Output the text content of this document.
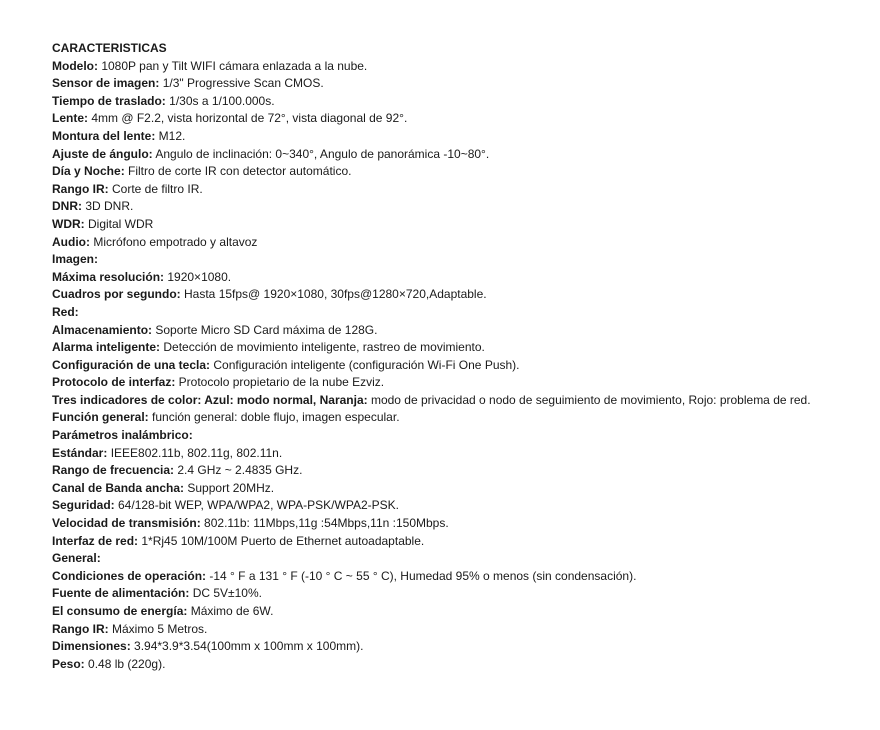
CARACTERISTICAS
Modelo: 1080P pan y Tilt WIFI cámara enlazada a la nube.
Sensor de imagen: 1/3" Progressive Scan CMOS.
Tiempo de traslado: 1/30s a 1/100.000s.
Lente: 4mm @ F2.2, vista horizontal de 72°, vista diagonal de 92°.
Montura del lente: M12.
Ajuste de ángulo: Angulo de inclinación: 0~340°, Angulo de panorámica -10~80°.
Día y Noche: Filtro de corte IR con detector automático.
Rango IR: Corte de filtro IR.
DNR: 3D DNR.
WDR: Digital WDR
Audio: Micrófono empotrado y altavoz
Imagen:
Máxima resolución: 1920×1080.
Cuadros por segundo: Hasta 15fps@ 1920×1080, 30fps@1280×720,Adaptable.
Red:
Almacenamiento: Soporte Micro SD Card máxima de 128G.
Alarma inteligente: Detección de movimiento inteligente, rastreo de movimiento.
Configuración de una tecla: Configuración inteligente (configuración Wi-Fi One Push).
Protocolo de interfaz: Protocolo propietario de la nube Ezviz.
Tres indicadores de color: Azul: modo normal, Naranja: modo de privacidad o nodo de seguimiento de movimiento, Rojo: problema de red.
Función general: función general: doble flujo, imagen especular.
Parámetros inalámbrico:
Estándar: IEEE802.11b, 802.11g, 802.11n.
Rango de frecuencia: 2.4 GHz ~ 2.4835 GHz.
Canal de Banda ancha: Support 20MHz.
Seguridad: 64/128-bit WEP, WPA/WPA2, WPA-PSK/WPA2-PSK.
Velocidad de transmisión: 802.11b: 11Mbps,11g :54Mbps,11n :150Mbps.
Interfaz de red: 1*Rj45 10M/100M Puerto de Ethernet autoadaptable.
General:
Condiciones de operación: -14 ° F a 131 ° F (-10 ° C ~ 55 ° C), Humedad 95% o menos (sin condensación).
Fuente de alimentación: DC 5V±10%.
El consumo de energía: Máximo de 6W.
Rango IR: Máximo 5 Metros.
Dimensiones: 3.94*3.9*3.54(100mm x 100mm x 100mm).
Peso: 0.48 lb (220g).
